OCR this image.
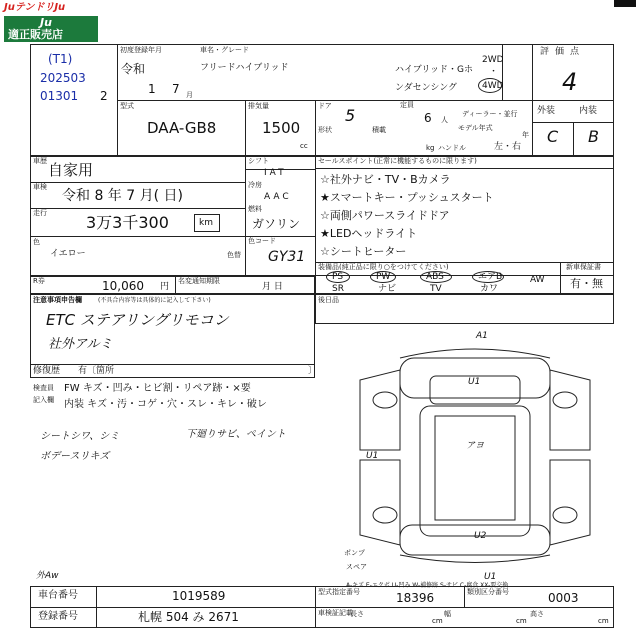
JuテンドリJu
Ju
適正販売店
(T1)
202503
01301 2
初度登録年月	車名・グレード
令和
1 7 月
フリードハイブリッド	ハイブリッド・Gホ
ンダセンシング
2WD
・
4WD
評価点
4
外装	内装
C B
型式
DAA-GB8
排気量
1500
cc
ドア 5
定員
6 人
ディーラー・並行
形状	積載	モデル年式
年
kg ハンドル	左・右
車歴 自家用
車検
令和 8 年 7 月( 日)
走行 3万3千300	km
色
イエロー	色替
シフト
IAT
冷房
AAC
燃料
ガソリン
色コード
GY31
セールスポイント(正常に機能するものに限ります)
☆社外ナビ・TV・Bカメラ
★スマートキー・プッシュスタート
☆両側パワースライドドア
★LEDヘッドライト
☆シートヒーター
R券	10,060 円
名変通知期限
月 日
装備品(純正品に限り○をつけてください)
PS	PW	ABS	エアB	AW
SR	ナビ	TV	カワ
新車保証書
有・無
注意事項申告欄	(不具合内容等は具体的に記入して下さい)
ETC ステアリングリモコン
社外アルミ
修復歴 有〔箇所	〕
後日品
検査員
記入欄
FW キズ・凹み・ヒビ割・リペア跡・×要
内装 キズ・汚・コゲ・穴・スレ・キレ・破レ
シートシワ、シミ
ボデースリキズ
下廻りサビ、ペイント
A1
U1
アヨ
U1
U2
U1
ポンプ
スペア
A-キズ E-エクボ U-凹み W-補修跡 S-サビ C-腐食 XX-要交換
外Aw
車台番号	1019589
登録番号	札幌 504 み 2671
型式指定番号	18396	類別区分番号	0003
車検証記載
長さ
cm
幅
cm
高さ
cm
